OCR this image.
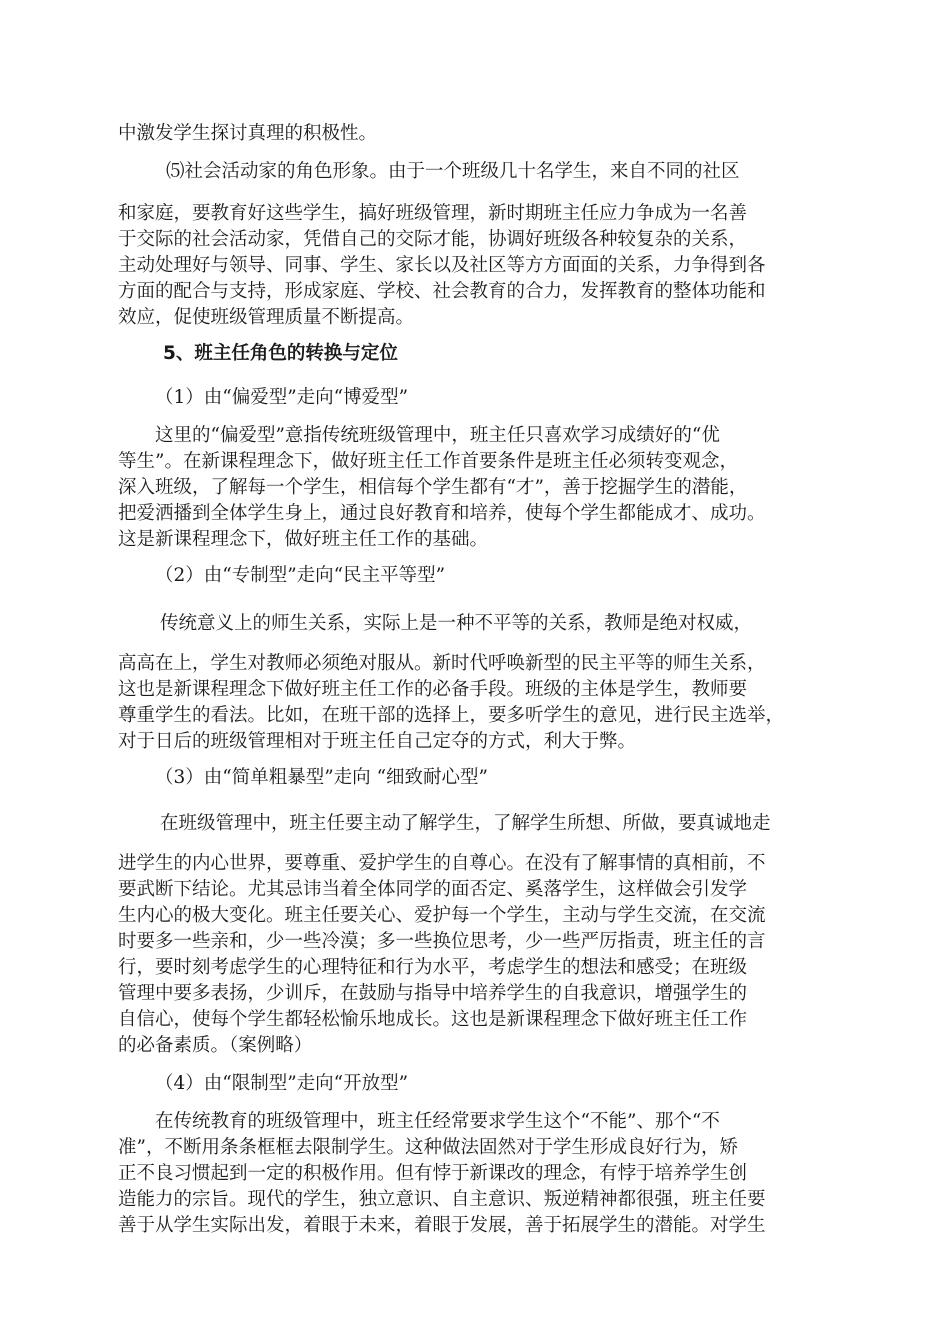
中激发学生探讨真理的积极性。
⑸社会活动家的角色形象。由于一个班级几十名学生，来自不同的社区
和家庭，要教育好这些学生，搞好班级管理，新时期班主任应力争成为一名善
于交际的社会活动家，凭借自己的交际才能，协调好班级各种较复杂的关系，
主动处理好与领导、同事、学生、家长以及社区等方方面面的关系，力争得到各
方面的配合与支持，形成家庭、学校、社会教育的合力，发挥教育的整体功能和
效应，促使班级管理质量不断提高。
5、班主任角色的转换与定位
（1）由“偏爱型”走向“博爱型”
这里的“偏爱型”意指传统班级管理中，班主任只喜欢学习成绩好的“优
等生”。在新课程理念下，做好班主任工作首要条件是班主任必须转变观念，
深入班级，了解每一个学生，相信每个学生都有“才”，善于挖掘学生的潜能，
把爱洒播到全体学生身上，通过良好教育和培养，使每个学生都能成才、成功。
这是新课程理念下，做好班主任工作的基础。
（2）由“专制型”走向“民主平等型”
传统意义上的师生关系，实际上是一种不平等的关系，教师是绝对权威，
高高在上，学生对教师必须绝对服从。新时代呼唤新型的民主平等的师生关系，
这也是新课程理念下做好班主任工作的必备手段。班级的主体是学生，教师要
尊重学生的看法。比如，在班干部的选择上，要多听学生的意见，进行民主选举，
对于日后的班级管理相对于班主任自己定夺的方式，利大于弊。
（3）由“简单粗暴型”走向 “细致耐心型”
在班级管理中，班主任要主动了解学生，了解学生所想、所做，要真诚地走
进学生的内心世界，要尊重、爱护学生的自尊心。在没有了解事情的真相前，不
要武断下结论。尤其忌讳当着全体同学的面否定、奚落学生，这样做会引发学
生内心的极大变化。班主任要关心、爱护每一个学生，主动与学生交流，在交流
时要多一些亲和，少一些冷漠；多一些换位思考，少一些严厉指责，班主任的言
行，要时刻考虑学生的心理特征和行为水平，考虑学生的想法和感受；在班级
管理中要多表扬，少训斥，在鼓励与指导中培养学生的自我意识，增强学生的
自信心，使每个学生都轻松愉乐地成长。这也是新课程理念下做好班主任工作
的必备素质。（案例略）
（4）由“限制型”走向“开放型”
在传统教育的班级管理中，班主任经常要求学生这个“不能”、那个“不
准”，不断用条条框框去限制学生。这种做法固然对于学生形成良好行为，矫
正不良习惯起到一定的积极作用。但有悖于新课改的理念，有悖于培养学生创
造能力的宗旨。现代的学生，独立意识、自主意识、叛逆精神都很强，班主任要
善于从学生实际出发，着眼于未来，着眼于发展，善于拓展学生的潜能。对学生
